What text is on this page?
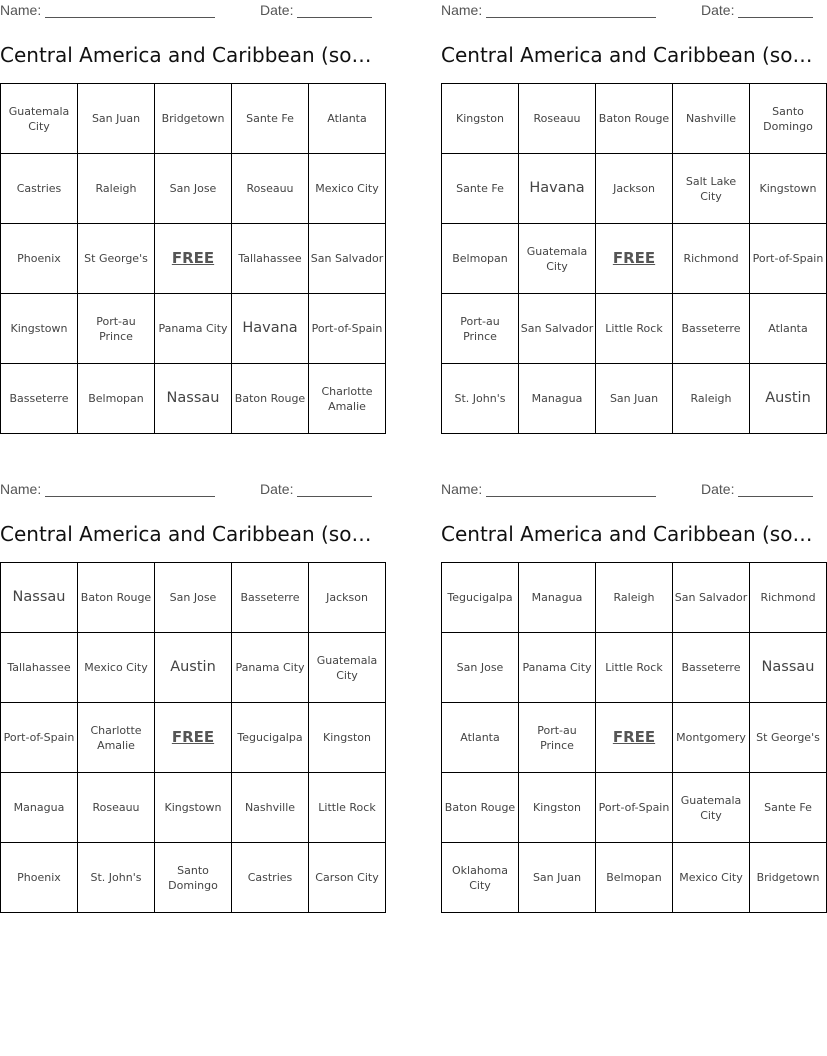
Name:	Date:
Central America and Caribbean (so…
Guatemala City	San Juan	Bridgetown	Sante Fe	Atlanta
Castries	Raleigh	San Jose	Roseauu	Mexico City
Phoenix	St George's	FREE	Tallahassee	San Salvador
Kingstown	Port-au Prince	Panama City	Havana	Port-of-Spain
Basseterre	Belmopan	Nassau	Baton Rouge	Charlotte Amalie
Name:	Date:
Central America and Caribbean (so…
Kingston	Roseauu	Baton Rouge	Nashville	Santo Domingo
Sante Fe	Havana	Jackson	Salt Lake City	Kingstown
Belmopan	Guatemala City	FREE	Richmond	Port-of-Spain
Port-au Prince	San Salvador	Little Rock	Basseterre	Atlanta
St. John's	Managua	San Juan	Raleigh	Austin
Name:	Date:
Central America and Caribbean (so…
Nassau	Baton Rouge	San Jose	Basseterre	Jackson
Tallahassee	Mexico City	Austin	Panama City	Guatemala City
Port-of-Spain	Charlotte Amalie	FREE	Tegucigalpa	Kingston
Managua	Roseauu	Kingstown	Nashville	Little Rock
Phoenix	St. John's	Santo Domingo	Castries	Carson City
Name:	Date:
Central America and Caribbean (so…
Tegucigalpa	Managua	Raleigh	San Salvador	Richmond
San Jose	Panama City	Little Rock	Basseterre	Nassau
Atlanta	Port-au Prince	FREE	Montgomery	St George's
Baton Rouge	Kingston	Port-of-Spain	Guatemala City	Sante Fe
Oklahoma City	San Juan	Belmopan	Mexico City	Bridgetown
